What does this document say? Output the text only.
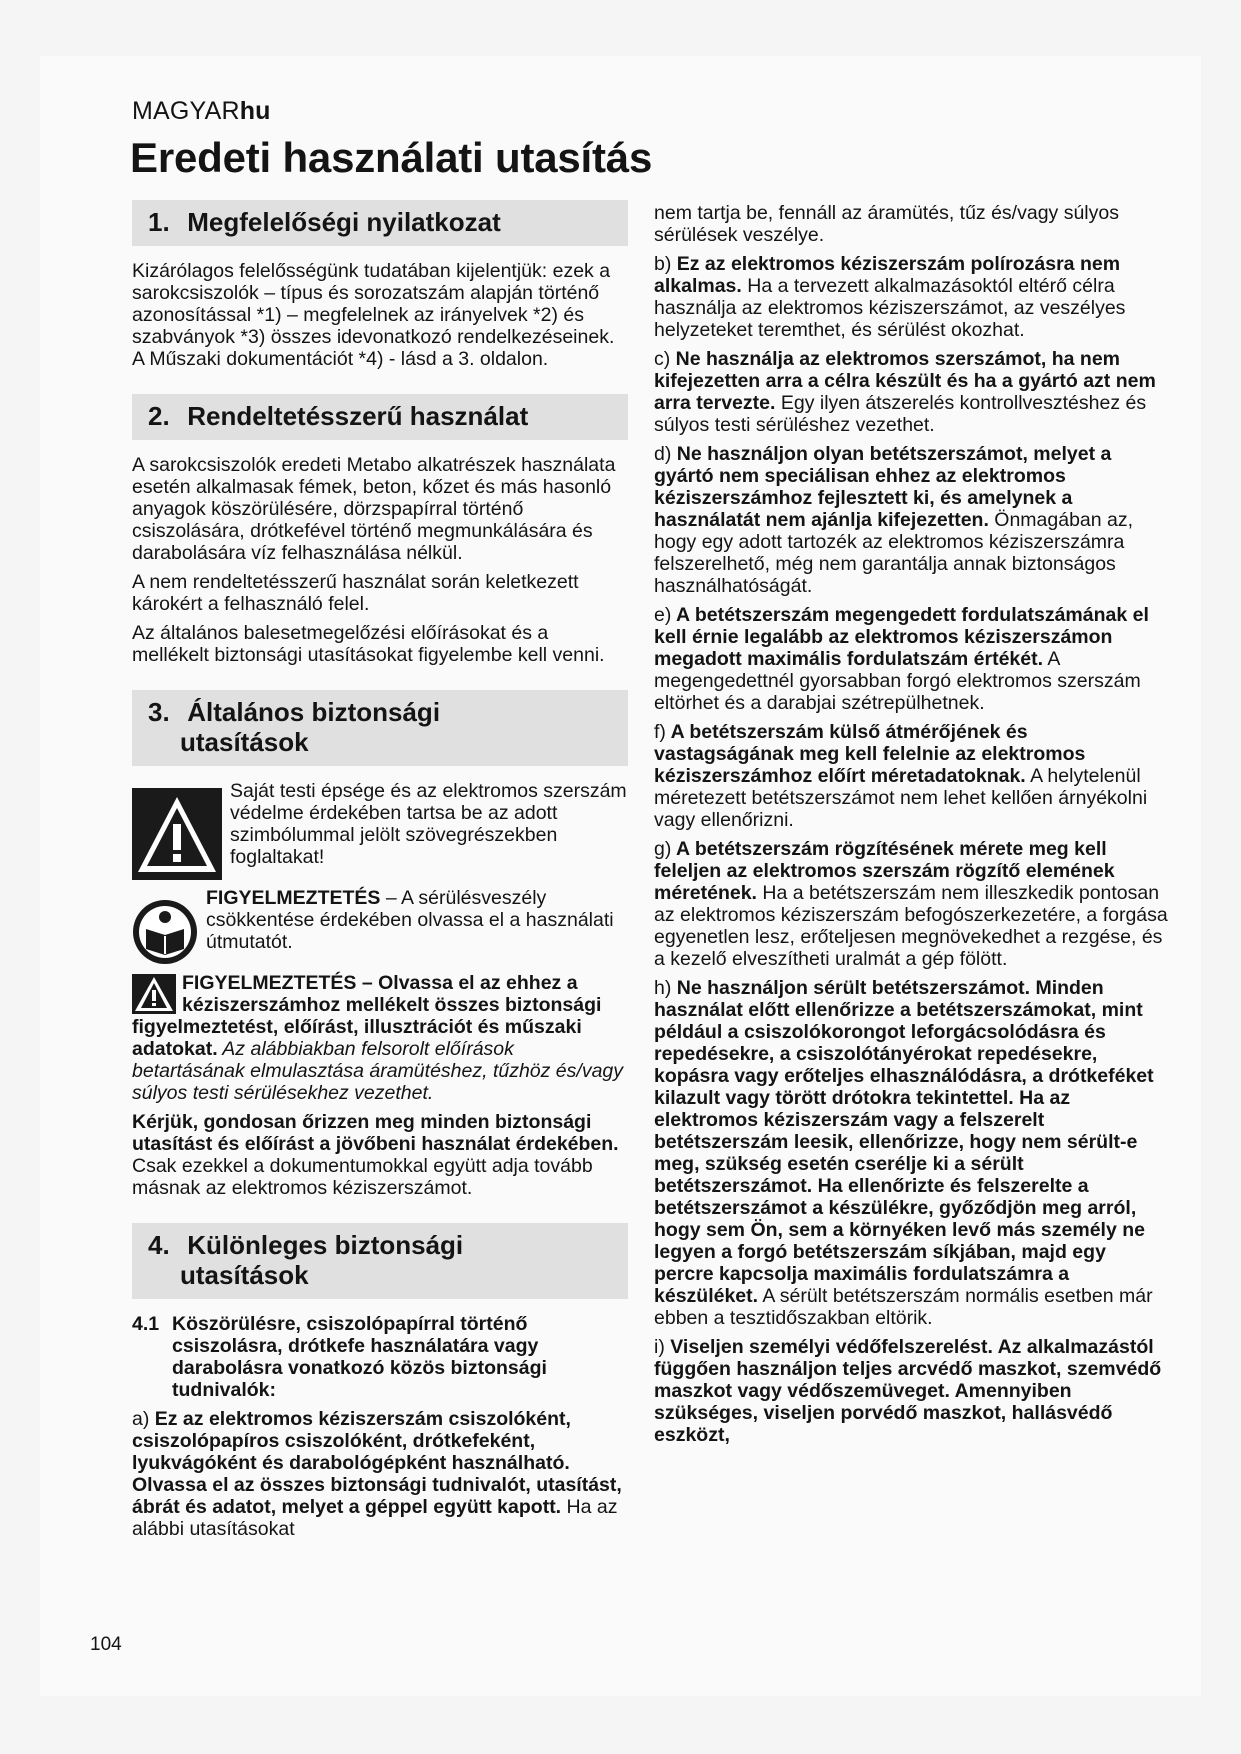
MAGYARhu
Eredeti használati utasítás
1. Megfelelőségi nyilatkozat

Kizárólagos felelősségünk tudatában kijelentjük: ezek a sarokcsiszolók – típus és sorozatszám alapján történő azonosítással *1) – megfelelnek az irányelvek *2) és szabványok *3) összes idevonatkozó rendelkezéseinek. A Műszaki dokumentációt *4) - lásd a 3. oldalon.

2. Rendeltetésszerű használat

A sarokcsiszolók eredeti Metabo alkatrészek használata esetén alkalmasak fémek, beton, kőzet és más hasonló anyagok köszörülésére, dörzspapírral történő csiszolására, drótkefével történő megmunkálására és darabolására víz felhasználása nélkül.

A nem rendeltetésszerű használat során keletkezett károkért a felhasználó felel.

Az általános balesetmegelőzési előírásokat és a mellékelt biztonsági utasításokat figyelembe kell venni.

3. Általános biztonsági
utasítások

Saját testi épsége és az elektromos szerszám védelme érdekében tartsa be az adott szimbólummal jelölt szövegrészekben foglaltakat!

FIGYELMEZTETÉS – A sérülésveszély csökkentése érdekében olvassa el a használati útmutatót.

FIGYELMEZTETÉS – Olvassa el az ehhez a kéziszerszámhoz mellékelt összes biztonsági figyelmeztetést, előírást, illusztrációt és műszaki adatokat. Az alábbiakban felsorolt előírások betartásának elmulasztása áramütéshez, tűzhöz és/vagy súlyos testi sérülésekhez vezethet.

Kérjük, gondosan őrizzen meg minden biztonsági utasítást és előírást a jövőbeni használat érdekében.
Csak ezekkel a dokumentumokkal együtt adja tovább másnak az elektromos kéziszerszámot.

4. Különleges biztonsági
utasítások
4.1 Köszörülésre, csiszolópapírral történő
csiszolásra, drótkefe használatára vagy darabolásra vonatkozó közös biztonsági tudnivalók:

a) Ez az elektromos kéziszerszám csiszolóként, csiszolópapíros csiszolóként, drótkefeként, lyukvágóként és darabológépként használható. Olvassa el az összes biztonsági tudnivalót, utasítást, ábrát és adatot, melyet a géppel együtt kapott. Ha az alábbi utasításokat

nem tartja be, fennáll az áramütés, tűz és/vagy súlyos sérülések veszélye.

b) Ez az elektromos kéziszerszám polírozásra nem alkalmas. Ha a tervezett alkalmazásoktól eltérő célra használja az elektromos kéziszerszámot, az veszélyes helyzeteket teremthet, és sérülést okozhat.

c) Ne használja az elektromos szerszámot, ha nem kifejezetten arra a célra készült és ha a gyártó azt nem arra tervezte. Egy ilyen átszerelés kontrollvesztéshez és súlyos testi sérüléshez vezethet.

d) Ne használjon olyan betétszerszámot, melyet a gyártó nem speciálisan ehhez az elektromos kéziszerszámhoz fejlesztett ki, és amelynek a használatát nem ajánlja kifejezetten. Önmagában az, hogy egy adott tartozék az elektromos kéziszerszámra felszerelhető, még nem garantálja annak biztonságos használhatóságát.

e) A betétszerszám megengedett fordulatszámának el kell érnie legalább az elektromos kéziszerszámon megadott maximális fordulatszám értékét. A megengedettnél gyorsabban forgó elektromos szerszám eltörhet és a darabjai szétrepülhetnek.

f) A betétszerszám külső átmérőjének és vastagságának meg kell felelnie az elektromos kéziszerszámhoz előírt méretadatoknak. A helytelenül méretezett betétszerszámot nem lehet kellően árnyékolni vagy ellenőrizni.

g) A betétszerszám rögzítésének mérete meg kell feleljen az elektromos szerszám rögzítő elemének méretének. Ha a betétszerszám nem illeszkedik pontosan az elektromos kéziszerszám befogószerkezetére, a forgása egyenetlen lesz, erőteljesen megnövekedhet a rezgése, és a kezelő elveszítheti uralmát a gép fölött.

h) Ne használjon sérült betétszerszámot. Minden használat előtt ellenőrizze a betétszerszámokat, mint például a csiszolókorongot leforgácsolódásra és repedésekre, a csiszolótányérokat repedésekre, kopásra vagy erőteljes elhasználódásra, a drótkeféket kilazult vagy törött drótokra tekintettel. Ha az elektromos kéziszerszám vagy a felszerelt betétszerszám leesik, ellenőrizze, hogy nem sérült-e meg, szükség esetén cserélje ki a sérült betétszerszámot. Ha ellenőrizte és felszerelte a betétszerszámot a készülékre, győződjön meg arról, hogy sem Ön, sem a környéken levő más személy ne legyen a forgó betétszerszám síkjában, majd egy percre kapcsolja maximális fordulatszámra a készüléket. A sérült betétszerszám normális esetben már ebben a tesztidőszakban eltörik.

i) Viseljen személyi védőfelszerelést. Az alkalmazástól függően használjon teljes arcvédő maszkot, szemvédő maszkot vagy védőszemüveget. Amennyiben szükséges, viseljen porvédő maszkot, hallásvédő eszközt,

104
